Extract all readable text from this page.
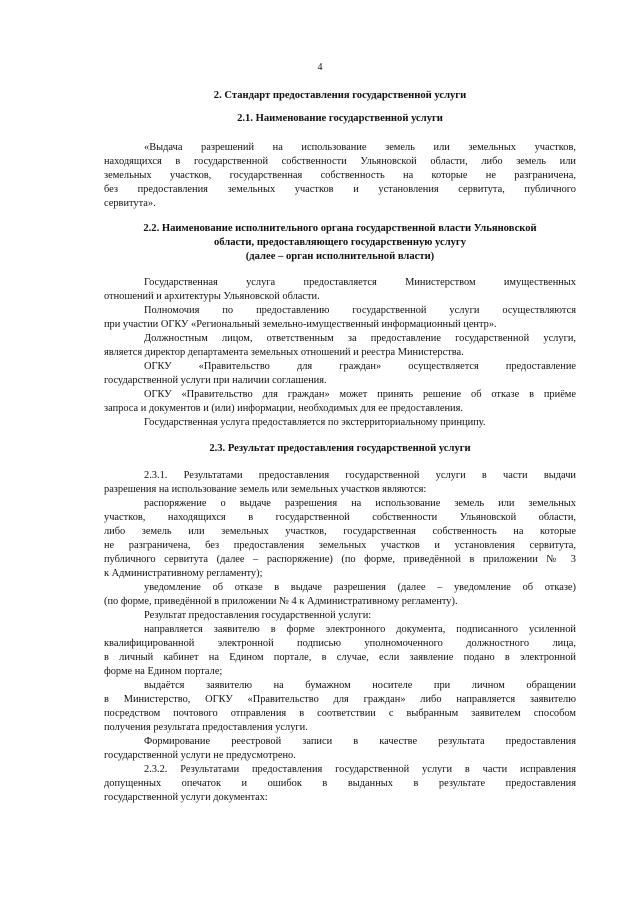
4
2. Стандарт предоставления государственной услуги
2.1. Наименование государственной услуги
«Выдача разрешений на использование земель или земельных участков,
находящихся в государственной собственности Ульяновской области, либо земель или
земельных участков, государственная собственность на которые не разграничена,
без предоставления земельных участков и установления сервитута, публичного
сервитута».
2.2. Наименование исполнительного органа государственной власти Ульяновской
области, предоставляющего государственную услугу
(далее – орган исполнительной власти)
Государственная услуга предоставляется Министерством имущественных
отношений и архитектуры Ульяновской области.
Полномочия по предоставлению государственной услуги осуществляются
при участии ОГКУ «Региональный земельно-имущественный информационный центр».
Должностным лицом, ответственным за предоставление государственной услуги,
является директор департамента земельных отношений и реестра Министерства.
ОГКУ «Правительство для граждан» осуществляется предоставление
государственной услуги при наличии соглашения.
ОГКУ «Правительство для граждан» может принять решение об отказе в приёме
запроса и документов и (или) информации, необходимых для ее предоставления.
Государственная услуга предоставляется по экстерриториальному принципу.
2.3. Результат предоставления государственной услуги
2.3.1. Результатами предоставления государственной услуги в части выдачи
разрешения на использование земель или земельных участков являются:
распоряжение о выдаче разрешения на использование земель или земельных
участков, находящихся в государственной собственности Ульяновской области,
либо земель или земельных участков, государственная собственность на которые
не разграничена, без предоставления земельных участков и установления сервитута,
публичного сервитута (далее – распоряжение) (по форме, приведённой в приложении № 3
к Административному регламенту);
уведомление об отказе в выдаче разрешения (далее – уведомление об отказе)
(по форме, приведённой в приложении № 4 к Административному регламенту).
Результат предоставления государственной услуги:
направляется заявителю в форме электронного документа, подписанного усиленной
квалифицированной электронной подписью уполномоченного должностного лица,
в личный кабинет на Едином портале, в случае, если заявление подано в электронной
форме на Едином портале;
выдаётся заявителю на бумажном носителе при личном обращении
в Министерство, ОГКУ «Правительство для граждан» либо направляется заявителю
посредством почтового отправления в соответствии с выбранным заявителем способом
получения результата предоставления услуги.
Формирование реестровой записи в качестве результата предоставления
государственной услуги не предусмотрено.
2.3.2. Результатами предоставления государственной услуги в части исправления
допущенных опечаток и ошибок в выданных в результате предоставления
государственной услуги документах:
